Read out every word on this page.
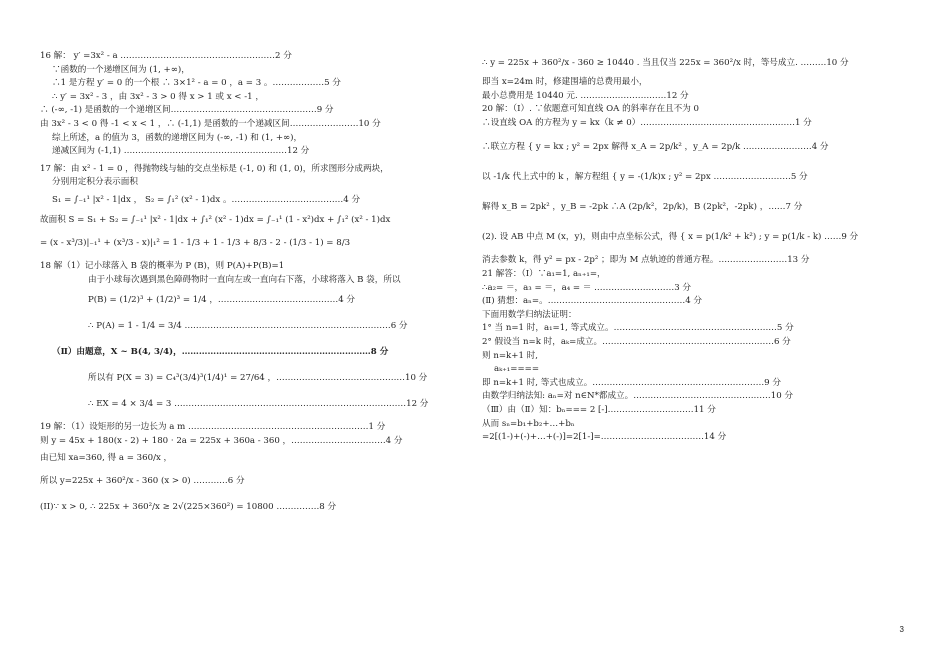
16 解： y′ =3x² - a ………………………………………………2 分
∵函数的一个递增区间为 (1, +∞)，
∴1 是方程 y′ = 0 的一个根 ∴ 3×1² - a = 0 ，a = 3 。………………5 分
∴ y′ = 3x² - 3 ，由 3x² - 3 > 0 得 x > 1 或 x < -1 ，
∴ (-∞, -1) 是函数的一个递增区间……………………………………………9 分
由 3x² - 3 < 0 得 -1 < x < 1 ，∴ (-1,1) 是函数的一个递减区间……………………10 分
综上所述，a 的值为 3，函数的递增区间为 (-∞, -1) 和 (1, +∞)，
递减区间为 (-1,1) …………………………………………………12 分
17 解：由 x² - 1 = 0 ，得抛物线与轴的交点坐标是 (-1, 0) 和 (1, 0)，所求图形分成两块，
分别用定积分表示面积
S₁ = ∫₋₁¹ |x² - 1|dx ， S₂ = ∫₁² (x² - 1)dx 。…………………………………4 分
故面积 S = S₁ + S₂ = ∫₋₁¹ |x² - 1|dx + ∫₁² (x² - 1)dx = ∫₋₁¹ (1 - x²)dx + ∫₁² (x² - 1)dx
= (x - x³/3)|₋₁¹ + (x³/3 - x)|₁² = 1 - 1/3 + 1 - 1/3 + 8/3 - 2 - (1/3 - 1) = 8/3
18 解（1）记小球落入 B 袋的概率为 P (B)，则 P(A)+P(B)=1
由于小球每次遇到黑色障碍物时一直向左或一直向右下落，小球将落入 B 袋，所以
P(B) = (1/2)³ + (1/2)³ = 1/4 ，……………………………………4 分
∴ P(A) = 1 - 1/4 = 3/4 ………………………………………………………………6 分
（Ⅱ）由题意，X ~ B(4, 3/4)，…………………………………………………………8 分
所以有 P(X = 3) = C₄³(3/4)³(1/4)¹ = 27/64 ，………………………………………10 分
∴ EX = 4 × 3/4 = 3 ………………………………………………………………………12 分
19 解：（1）设矩形的另一边长为 a m ………………………………………………………1 分
则 y = 45x + 180(x - 2) + 180 · 2a = 225x + 360a - 360 ，……………………………4 分
由已知 xa=360, 得 a = 360/x ，
所以 y=225x + 360²/x - 360 (x > 0) …………6 分
(II)∵ x > 0, ∴ 225x + 360²/x ≥ 2√(225×360²) = 10800 ……………8 分
∴ y = 225x + 360²/x - 360 ≥ 10440 . 当且仅当 225x = 360²/x 时，等号成立. ………10 分
即当 x=24m 时，修建围墙的总费用最小，
最小总费用是 10440 元. …………………………12 分
20 解：（I）. ∵依题意可知直线 OA 的斜率存在且不为 0
∴设直线 OA 的方程为 y = kx（k ≠ 0）………………………………………………1 分
∴联立方程 { y = kx ; y² = 2px 解得 x_A = 2p/k² ，y_A = 2p/k ……………………4 分
以 -1/k 代上式中的 k ，解方程组 { y = -(1/k)x ; y² = 2px ………………………5 分
解得 x_B = 2pk² ，y_B = -2pk ∴A (2p/k²，2p/k)，B (2pk²，-2pk) ，……7 分
(2). 设 AB 中点 M (x，y)，则由中点坐标公式，得 { x = p(1/k² + k²) ; y = p(1/k - k) ……9 分
消去参数 k，得 y² = px - 2p² ；即为 M 点轨迹的普通方程。……………………13 分
21 解答：（Ⅰ）∵a₁=1, aₙ₊₁=，
∴a₂= ＝，a₃ = ＝，a₄ = ＝ .………………………3 分
(Ⅱ) 猜想：aₙ=。…………………………………………4 分
下面用数学归纳法证明：
1° 当 n=1 时，a₁=1, 等式成立。…………………………………………………5 分
2° 假设当 n=k 时，aₖ=成立。……………………………………………………6 分
则 n=k+1 时,
aₖ₊₁====
即 n=k+1 时, 等式也成立。……………………………………………………9 分
由数学归纳法知: aₙ=对 n∈N*都成立。…………………………………………10 分
（Ⅲ）由（Ⅱ）知：bₙ=== 2 [-]…………………………11 分
从而 sₙ=b₁+b₂+…+bₙ
=2[(1-)+(-)+…+(-)]=2[1-]=………………………………14 分
3
